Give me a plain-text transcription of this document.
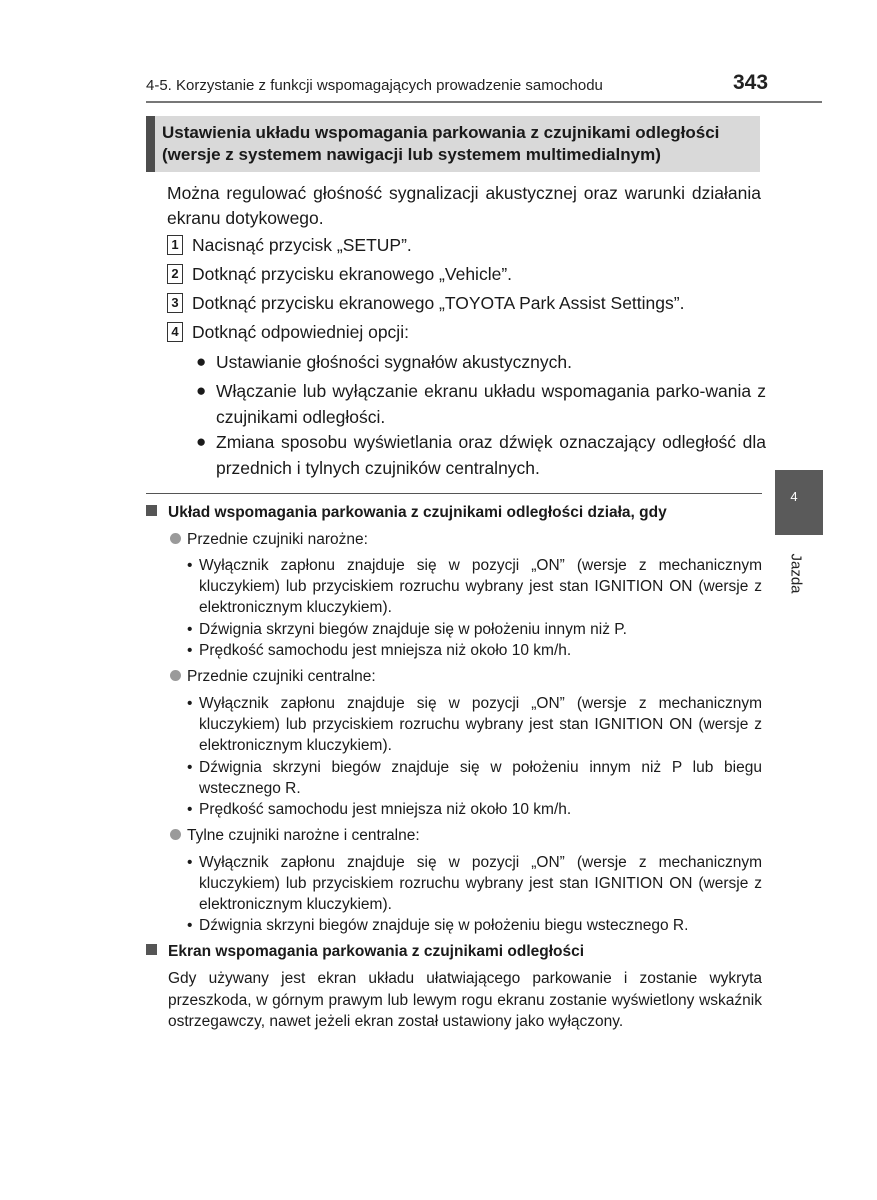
4-5. Korzystanie z funkcji wspomagających prowadzenie samochodu	343
Ustawienia układu wspomagania parkowania z czujnikami odległości
(wersje z systemem nawigacji lub systemem multimedialnym)
Można regulować głośność sygnalizacji akustycznej oraz warunki działania ekranu dotykowego.
1 Nacisnąć przycisk „SETUP”.
2 Dotknąć przycisku ekranowego „Vehicle”.
3 Dotknąć przycisku ekranowego „TOYOTA Park Assist Settings”.
4 Dotknąć odpowiedniej opcji:
● Ustawianie głośności sygnałów akustycznych.
● Włączanie lub wyłączanie ekranu układu wspomagania parko-wania z czujnikami odległości.
● Zmiana sposobu wyświetlania oraz dźwięk oznaczający odległość dla przednich i tylnych czujników centralnych.
Układ wspomagania parkowania z czujnikami odległości działa, gdy
Przednie czujniki narożne:
• Wyłącznik zapłonu znajduje się w pozycji „ON” (wersje z mechanicznym kluczykiem) lub przyciskiem rozruchu wybrany jest stan IGNITION ON (wersje z elektronicznym kluczykiem).
• Dźwignia skrzyni biegów znajduje się w położeniu innym niż P.
• Prędkość samochodu jest mniejsza niż około 10 km/h.
Przednie czujniki centralne:
• Wyłącznik zapłonu znajduje się w pozycji „ON” (wersje z mechanicznym kluczykiem) lub przyciskiem rozruchu wybrany jest stan IGNITION ON (wersje z elektronicznym kluczykiem).
• Dźwignia skrzyni biegów znajduje się w położeniu innym niż P lub biegu wstecznego R.
• Prędkość samochodu jest mniejsza niż około 10 km/h.
Tylne czujniki narożne i centralne:
• Wyłącznik zapłonu znajduje się w pozycji „ON” (wersje z mechanicznym kluczykiem) lub przyciskiem rozruchu wybrany jest stan IGNITION ON (wersje z elektronicznym kluczykiem).
• Dźwignia skrzyni biegów znajduje się w położeniu biegu wstecznego R.
Ekran wspomagania parkowania z czujnikami odległości
Gdy używany jest ekran układu ułatwiającego parkowanie i zostanie wykryta przeszkoda, w górnym prawym lub lewym rogu ekranu zostanie wyświetlony wskaźnik ostrzegawczy, nawet jeżeli ekran został ustawiony jako wyłączony.
4
Jazda
